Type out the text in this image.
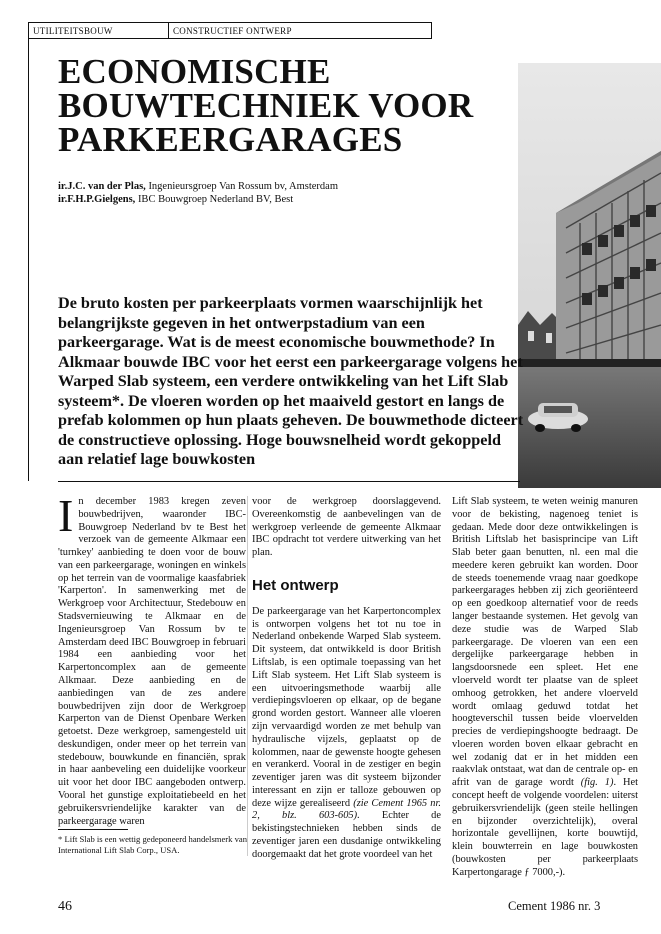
UTILITEITSBOUW	CONSTRUCTIEF ONTWERP
ECONOMISCHE
BOUWTECHNIEK VOOR
PARKEERGARAGES
ir.J.C. van der Plas, Ingenieursgroep Van Rossum bv, Amsterdam
ir.F.H.P.Gielgens, IBC Bouwgroep Nederland BV, Best
De bruto kosten per parkeerplaats vormen waarschijnlijk het belangrijkste gegeven in het ontwerpstadium van een parkeergarage. Wat is de meest economische bouwmethode? In Alkmaar bouwde IBC voor het eerst een parkeergarage volgens het Warped Slab systeem, een verdere ontwikkeling van het Lift Slab systeem*. De vloeren worden op het maaiveld gestort en langs de prefab kolommen op hun plaats geheven. De bouwmethode dicteert de constructieve oplossing. Hoge bouwsnelheid wordt gekoppeld aan relatief lage bouwkosten

In december 1983 kregen zeven bouwbedrijven, waaronder IBC-Bouwgroep Nederland bv te Best het verzoek van de gemeente Alkmaar een 'turnkey' aanbieding te doen voor de bouw van een parkeergarage, woningen en winkels op het terrein van de voormalige kaasfabriek 'Karperton'. In samenwerking met de Werkgroep voor Architectuur, Stedebouw en Stadsvernieuwing te Alkmaar en de Ingenieursgroep Van Rossum bv te Amsterdam deed IBC Bouwgroep in februari 1984 een aanbieding voor het Karpertoncomplex aan de gemeente Alkmaar. Deze aanbieding en de aanbiedingen van de zes andere bouwbedrijven zijn door de Werkgroep Karperton van de Dienst Openbare Werken getoetst. Deze werkgroep, samengesteld uit deskundigen, onder meer op het terrein van stedebouw, bouwkunde en financiën, sprak in haar aanbeveling een duidelijke voorkeur uit voor het door IBC aangeboden ontwerp. Vooral het gunstige exploitatiebeeld en het gebruikersvriendelijke karakter van de parkeergarage waren

voor de werkgroep doorslaggevend. Overeenkomstig de aanbevelingen van de werkgroep verleende de gemeente Alkmaar IBC opdracht tot verdere uitwerking van het plan.

Het ontwerp

De parkeergarage van het Karpertoncomplex is ontworpen volgens het tot nu toe in Nederland onbekende Warped Slab systeem. Dit systeem, dat ontwikkeld is door British Liftslab, is een optimale toepassing van het Lift Slab systeem. Het Lift Slab systeem is een uitvoeringsmethode waarbij alle verdiepingsvloeren op elkaar, op de begane grond worden gestort. Wanneer alle vloeren zijn vervaardigd worden ze met behulp van hydraulische vijzels, geplaatst op de kolommen, naar de gewenste hoogte gehesen en verankerd. Vooral in de zestiger en begin zeventiger jaren was dit systeem bijzonder interessant en zijn er talloze gebouwen op deze wijze gerealiseerd (zie Cement 1965 nr. 2, blz. 603-605). Echter de bekistingstechnieken hebben sinds de zeventiger jaren een dusdanige ontwikkeling doorgemaakt dat het grote voordeel van het

Lift Slab systeem, te weten weinig manuren voor de bekisting, nagenoeg teniet is gedaan. Mede door deze ontwikkelingen is British Liftslab het basisprincipe van Lift Slab beter gaan benutten, nl. een mal die meedere keren gebruikt kan worden. Door de steeds toenemende vraag naar goedkope parkeergarages hebben zij zich georiënteerd op een goedkoop alternatief voor de reeds langer bestaande systemen. Het gevolg van deze studie was de Warped Slab parkeergarage. De vloeren van een een dergelijke parkeergarage hebben in langsdoorsnede een spleet. Het ene vloerveld wordt ter plaatse van de spleet omhoog getrokken, het andere vloerveld wordt omlaag geduwd totdat het hoogteverschil tussen beide vloervelden precies de verdiepingshoogte bedraagt. De vloeren worden boven elkaar gebracht en wel zodanig dat er in het midden een raakvlak ontstaat, wat dan de centrale op- en afrit van de garage wordt (fig. 1). Het concept heeft de volgende voordelen: uiterst gebruikersvriendelijk (geen steile hellingen en bijzonder overzichtelijk), overal horizontale gevellijnen, korte bouwtijd, klein bouwterrein en lage bouwkosten (bouwkosten per parkeerplaats Karpertongarage ƒ 7000,-).

* Lift Slab is een wettig gedeponeerd handelsmerk van International Lift Slab Corp., USA.
46	Cement 1986 nr. 3
